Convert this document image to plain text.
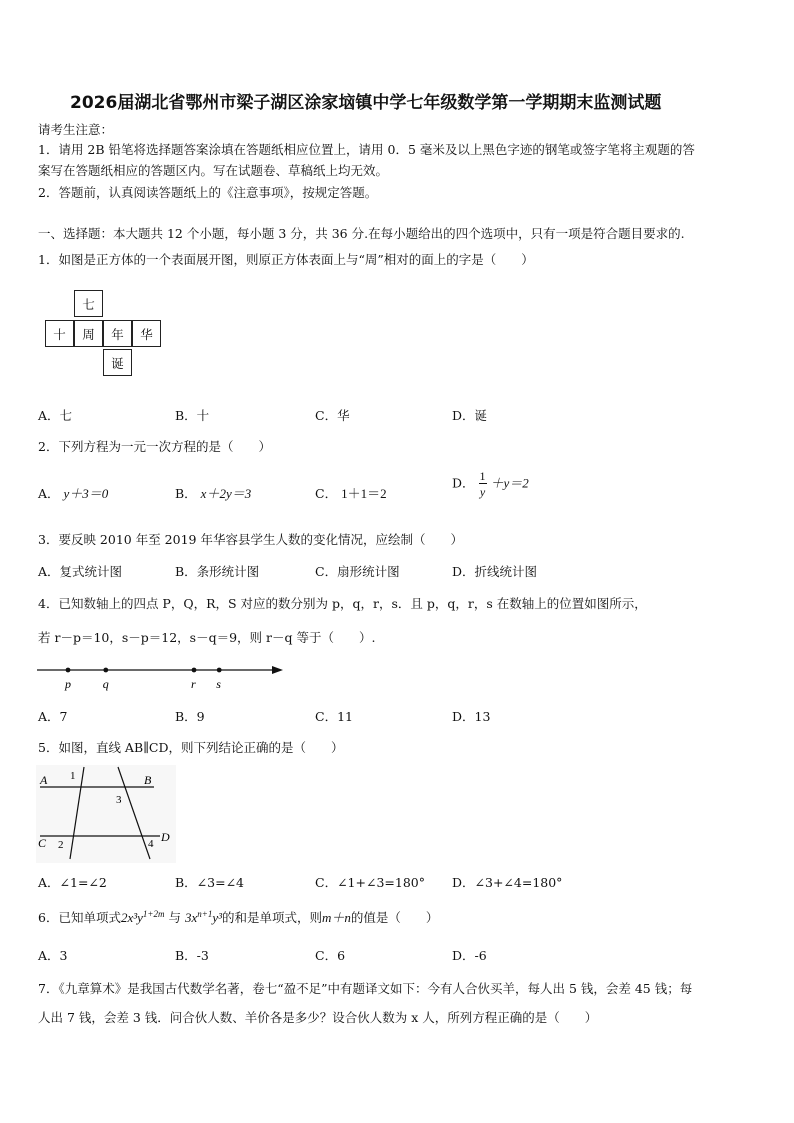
2026届湖北省鄂州市梁子湖区涂家垴镇中学七年级数学第一学期期末监测试题
请考生注意：
1．请用 2B 铅笔将选择题答案涂填在答题纸相应位置上，请用 0．5 毫米及以上黑色字迹的钢笔或签字笔将主观题的答
案写在答题纸相应的答题区内。写在试题卷、草稿纸上均无效。
2．答题前，认真阅读答题纸上的《注意事项》，按规定答题。
一、选择题：本大题共 12 个小题，每小题 3 分，共 36 分.在每小题给出的四个选项中，只有一项是符合题目要求的.
1．如图是正方体的一个表面展开图，则原正方体表面上与“周”相对的面上的字是（　　）
七
十	周	年	华
诞
A．七	B．十	C．华	D．诞
2．下列方程为一元一次方程的是（　　）
A． y＋3＝0	B． x＋2y＝3	C． 1＋1＝2
D． $\frac{1}{y} +y=2$
3．要反映 2010 年至 2019 年华容县学生人数的变化情况，应绘制（　　）
A．复式统计图	B．条形统计图	C．扇形统计图	D．折线统计图
4．已知数轴上的四点 P，Q，R，S 对应的数分别为 p，q，r，s．且 p，q，r，s 在数轴上的位置如图所示，
若 r－p＝10，s－p＝12，s－q＝9，则 r－q 等于（　　）.
p	q	r s
A．7	B．9	C．11	D．13
5．如图，直线 AB∥CD，则下列结论正确的是（　　）
A	B
C	D
1
2
3
4
A．∠1=∠2	B．∠3=∠4	C．∠1+∠3=180° D．∠3+∠4=180°
6．已知单项式$2x^3y^{1+2m}$ 与 $3x^{n+1}y^3$的和是单项式，则m＋n的值是（　　）
A．3	B．-3	C．6	D．-6
7．《九章算术》是我国古代数学名著，卷七“盈不足”中有题译文如下：今有人合伙买羊，每人出 5 钱，会差 45 钱；每
人出 7 钱，会差 3 钱．问合伙人数、羊价各是多少？设合伙人数为 x 人，所列方程正确的是（　　）
